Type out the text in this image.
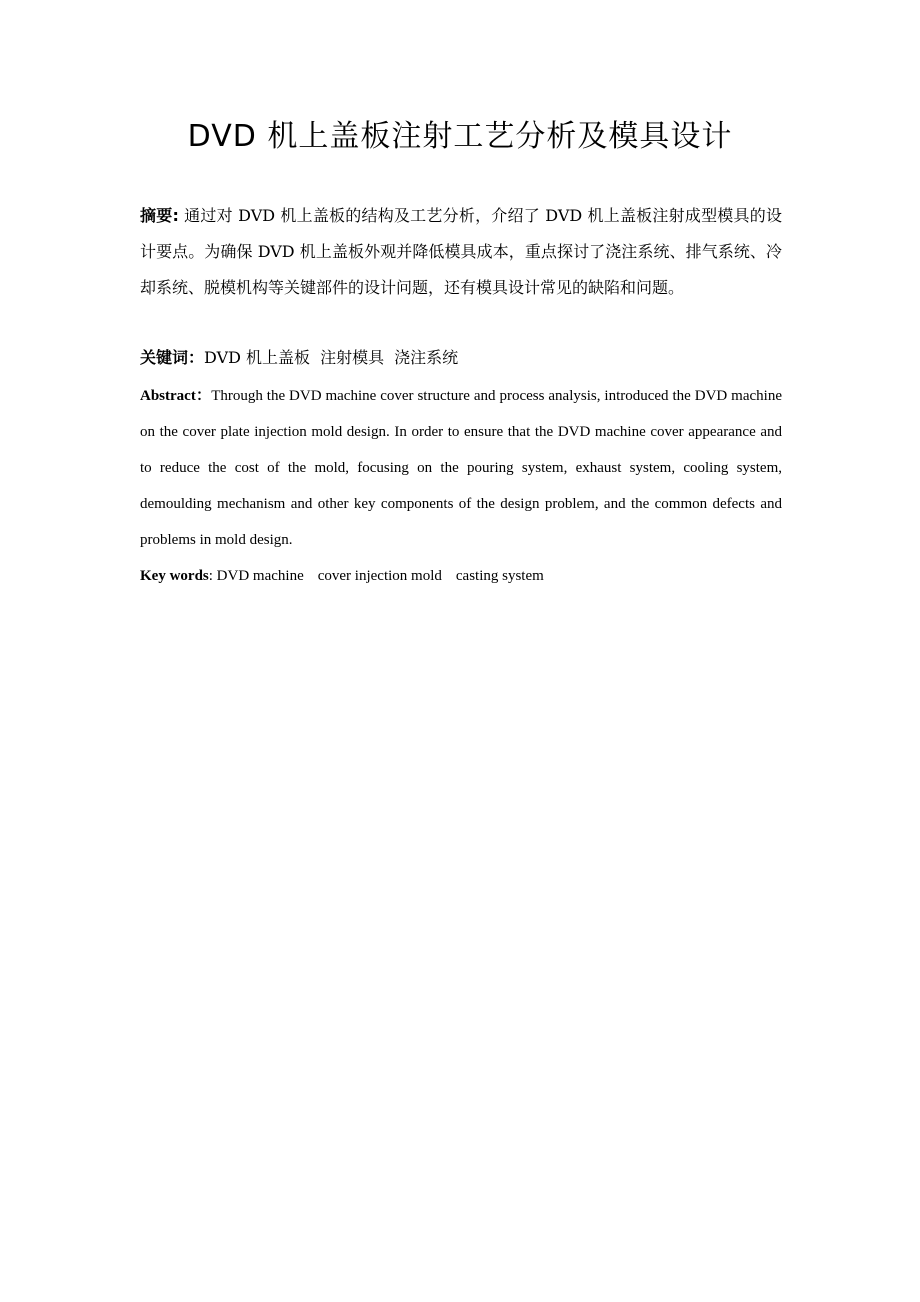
DVD 机上盖板注射工艺分析及模具设计

摘要: 通过对 DVD 机上盖板的结构及工艺分析，介绍了 DVD 机上盖板注射成型模具的设计要点。为确保 DVD 机上盖板外观并降低模具成本，重点探讨了浇注系统、排气系统、冷却系统、脱模机构等关键部件的设计问题，还有模具设计常见的缺陷和问题。

关键词：DVD 机上盖板 注射模具 浇注系统

Abstract：Through the DVD machine cover structure and process analysis, introduced the DVD machine on the cover plate injection mold design. In order to ensure that the DVD machine cover appearance and to reduce the cost of the mold, focusing on the pouring system, exhaust system, cooling system, demoulding mechanism and other key components of the design problem, and the common defects and problems in mold design.

Key words: DVD machine cover injection mold casting system
